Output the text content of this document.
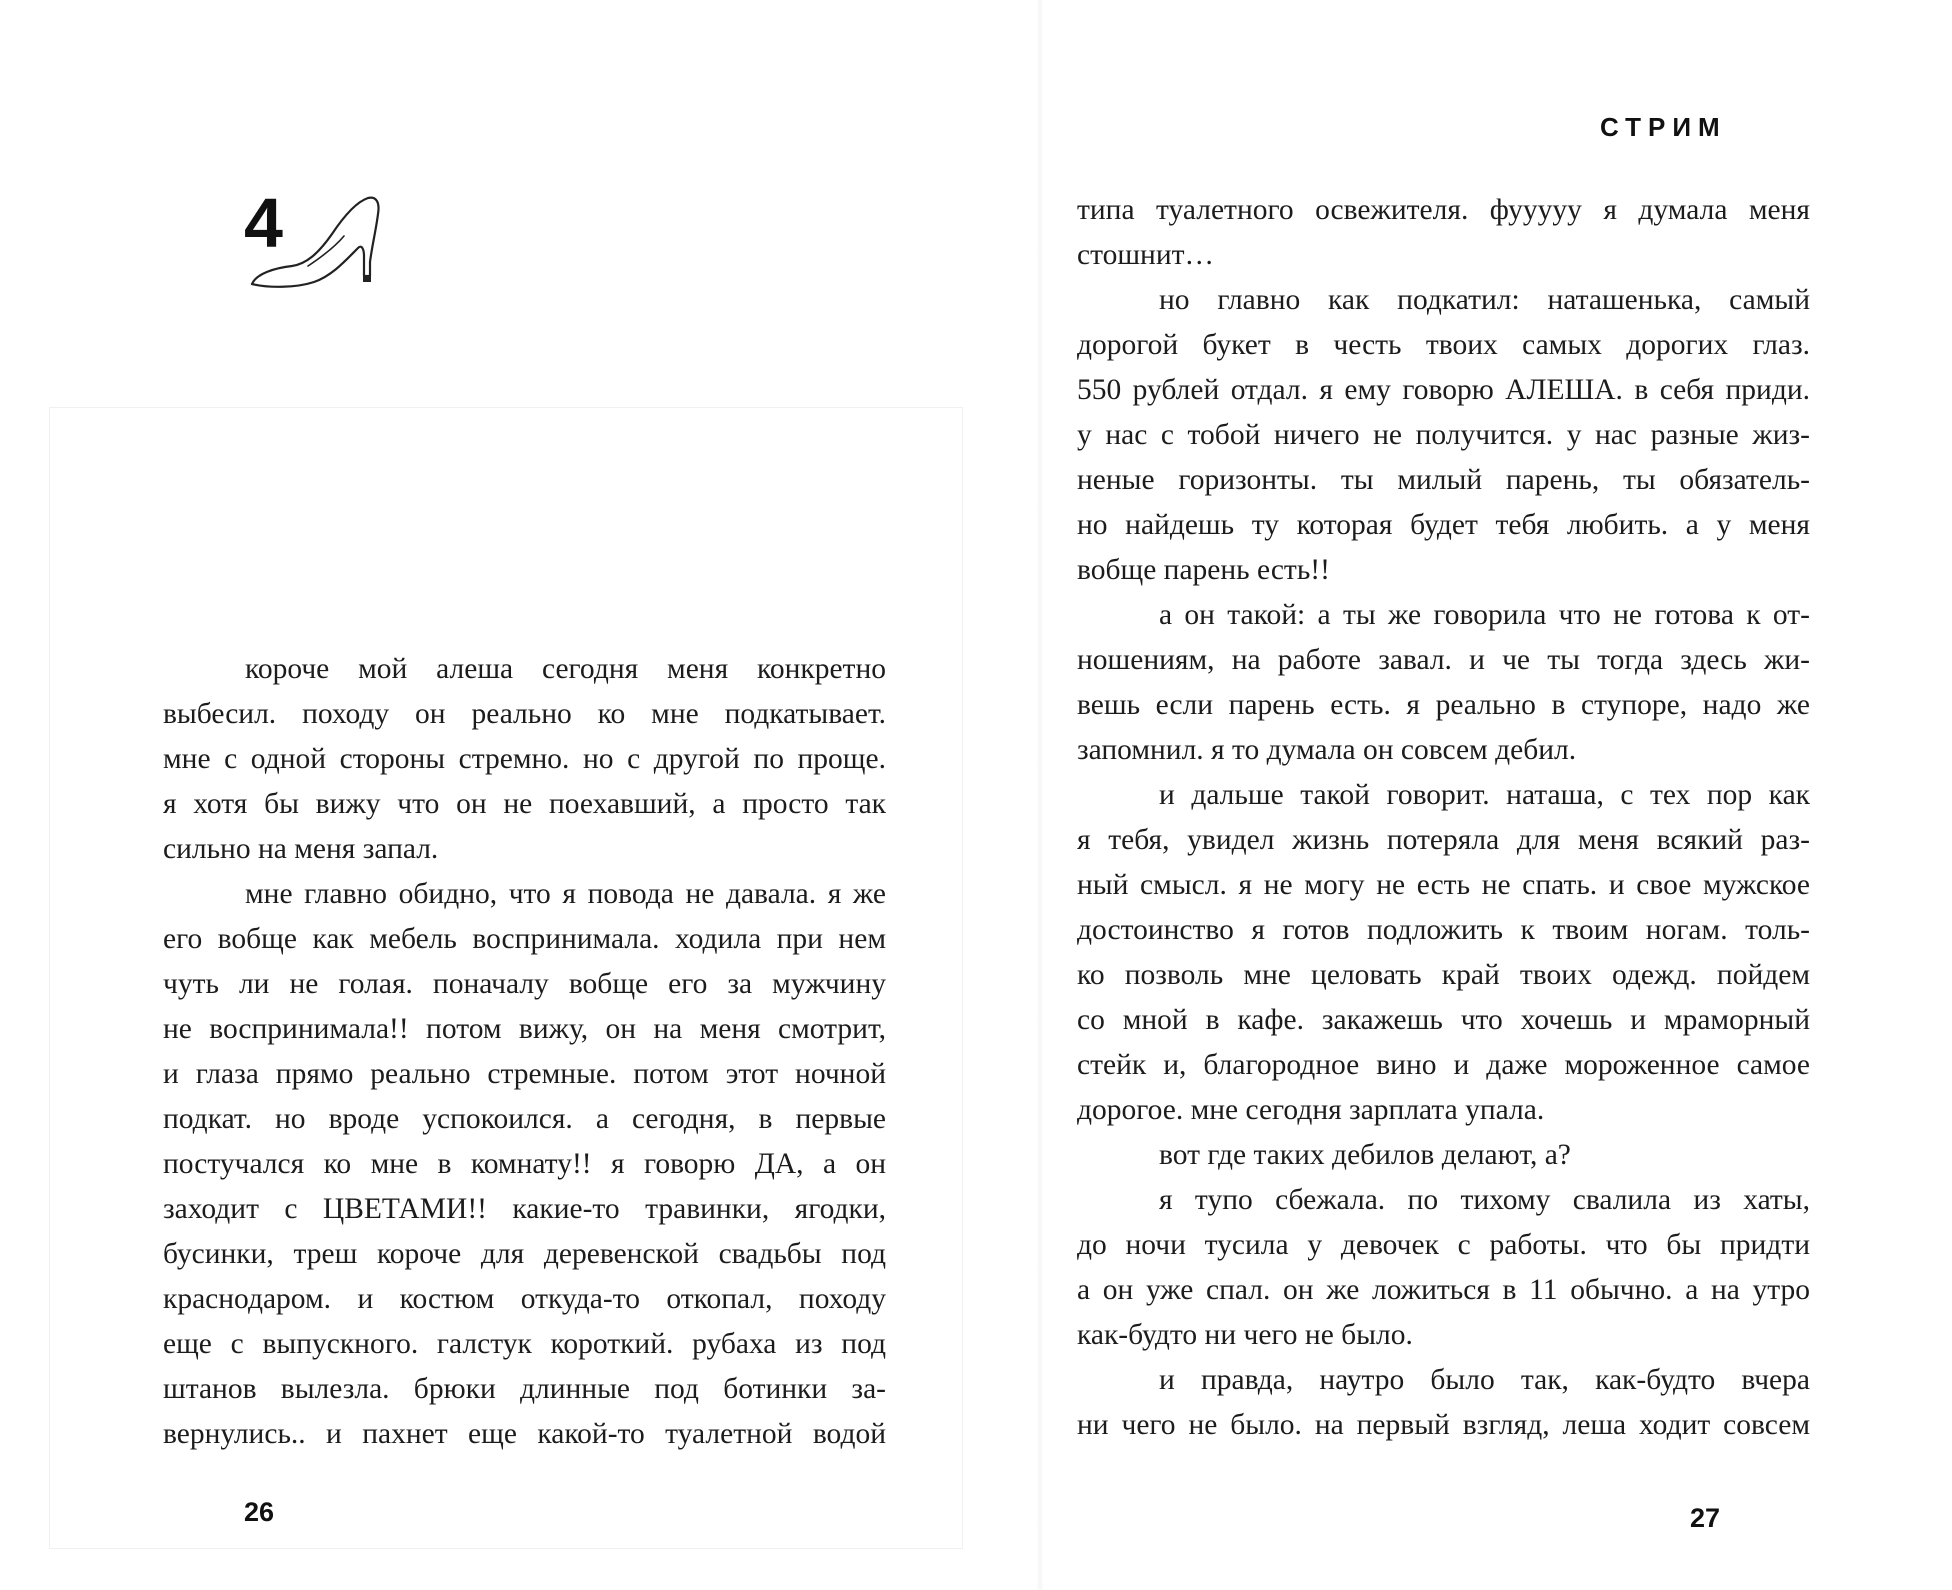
4
СТРИМ
короче мой алеша сегодня меня конкретно
выбесил. походу он реально ко мне подкатывает.
мне с одной стороны стремно. но с другой по проще.
я хотя бы вижу что он не поехавший, а просто так
сильно на меня запал.
мне главно обидно, что я повода не давала. я же
его вобще как мебель воспринимала. ходила при нем
чуть ли не голая. поначалу вобще его за мужчину
не воспринимала!! потом вижу, он на меня смотрит,
и глаза прямо реально стремные. потом этот ночной
подкат. но вроде успокоился. а сегодня, в первые
постучался ко мне в комнату!! я говорю ДА, а он
заходит с ЦВЕТАМИ!! какие-то травинки, ягодки,
бусинки, треш короче для деревенской свадьбы под
краснодаром. и костюм откуда-то откопал, походу
еще с выпускного. галстук короткий. рубаха из под
штанов вылезла. брюки длинные под ботинки за-
вернулись.. и пахнет еще какой-то туалетной водой
типа туалетного освежителя. фууууу я думала меня
стошнит…
но главно как подкатил: наташенька, самый
дорогой букет в честь твоих самых дорогих глаз.
550 рублей отдал. я ему говорю АЛЕША. в себя приди.
у нас с тобой ничего не получится. у нас разные жиз-
неные горизонты. ты милый парень, ты обязатель-
но найдешь ту которая будет тебя любить. а у меня
вобще парень есть!!
а он такой: а ты же говорила что не готова к от-
ношениям, на работе завал. и че ты тогда здесь жи-
вешь если парень есть. я реально в ступоре, надо же
запомнил. я то думала он совсем дебил.
и дальше такой говорит. наташа, с тех пор как
я тебя, увидел жизнь потеряла для меня всякий раз-
ный смысл. я не могу не есть не спать. и свое мужское
достоинство я готов подложить к твоим ногам. толь-
ко позволь мне целовать край твоих одежд. пойдем
со мной в кафе. закажешь что хочешь и мраморный
стейк и, благородное вино и даже мороженное самое
дорогое. мне сегодня зарплата упала.
вот где таких дебилов делают, а?
я тупо сбежала. по тихому свалила из хаты,
до ночи тусила у девочек с работы. что бы придти
а он уже спал. он же ложиться в 11 обычно. а на утро
как-будто ни чего не было.
и правда, наутро было так, как-будто вчера
ни чего не было. на первый взгляд, леша ходит совсем
26	27
